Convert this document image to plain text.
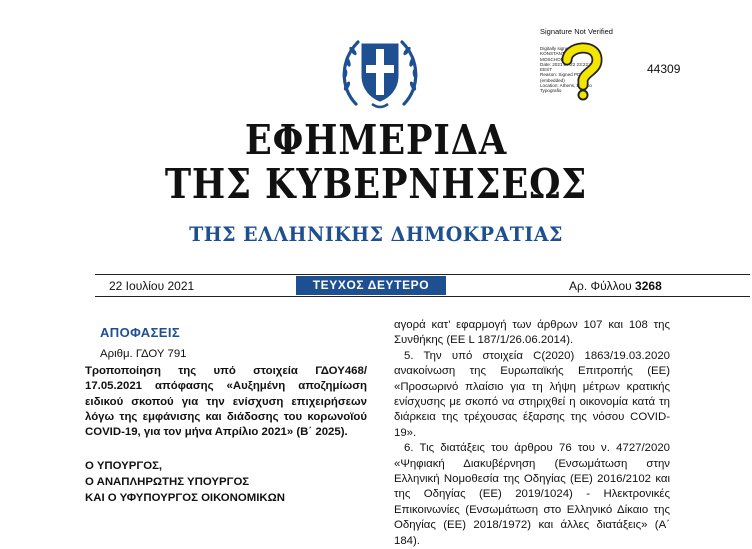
Signature Not Verified
Digitally signed by
KONSTANTINOS
MOSCHONAS
Date: 2021.07.22 23:22:25
EEST
Reason: Signed PDF
(embedded)
Location: Athens, Ethniko
Typografio
44309
ΕΦΗΜΕΡΙΔΑ
ΤΗΣ ΚΥΒΕΡΝΗΣΕΩΣ
ΤΗΣ ΕΛΛΗΝΙΚΗΣ ΔΗΜΟΚΡΑΤΙΑΣ
22 Ιουλίου 2021	ΤΕΥΧΟΣ ΔΕΥΤΕΡΟ	Αρ. Φύλλου 3268
ΑΠΟΦΑΣΕΙΣ
Αριθμ. ΓΔΟΥ 791
Τροποποίηση της υπό στοιχεία ΓΔΟΥ468/ 17.05.2021 απόφασης «Αυξημένη αποζημίωση ειδικού σκοπού για την ενίσχυση επιχειρήσεων λόγω της εμφάνισης και διάδοσης του κορωνοϊού COVID-19, για τον μήνα Απρίλιο 2021» (Β΄ 2025).
Ο ΥΠΟΥΡΓΟΣ,
Ο ΑΝΑΠΛΗΡΩΤΗΣ ΥΠΟΥΡΓΟΣ
ΚΑΙ Ο ΥΦΥΠΟΥΡΓΟΣ ΟΙΚΟΝΟΜΙΚΩΝ

αγορά κατ’ εφαρμογή των άρθρων 107 και 108 της Συνθήκης (ΕΕ L 187/1/26.06.2014).

5. Την υπό στοιχεία C(2020) 1863/19.03.2020 ανακοίνωση της Ευρωπαϊκής Επιτροπής (ΕΕ) «Προσωρινό πλαίσιο για τη λήψη μέτρων κρατικής ενίσχυσης με σκοπό να στηριχθεί η οικονομία κατά τη διάρκεια της τρέχουσας έξαρσης της νόσου COVID-19».

6. Τις διατάξεις του άρθρου 76 του ν. 4727/2020 «Ψηφιακή Διακυβέρνηση (Ενσωμάτωση στην Ελληνική Νομοθεσία της Οδηγίας (ΕΕ) 2016/2102 και της Οδηγίας (ΕΕ) 2019/1024) - Ηλεκτρονικές Επικοινωνίες (Ενσωμάτωση στο Ελληνικό Δίκαιο της Οδηγίας (ΕΕ) 2018/1972) και άλλες διατάξεις» (Α΄ 184).
